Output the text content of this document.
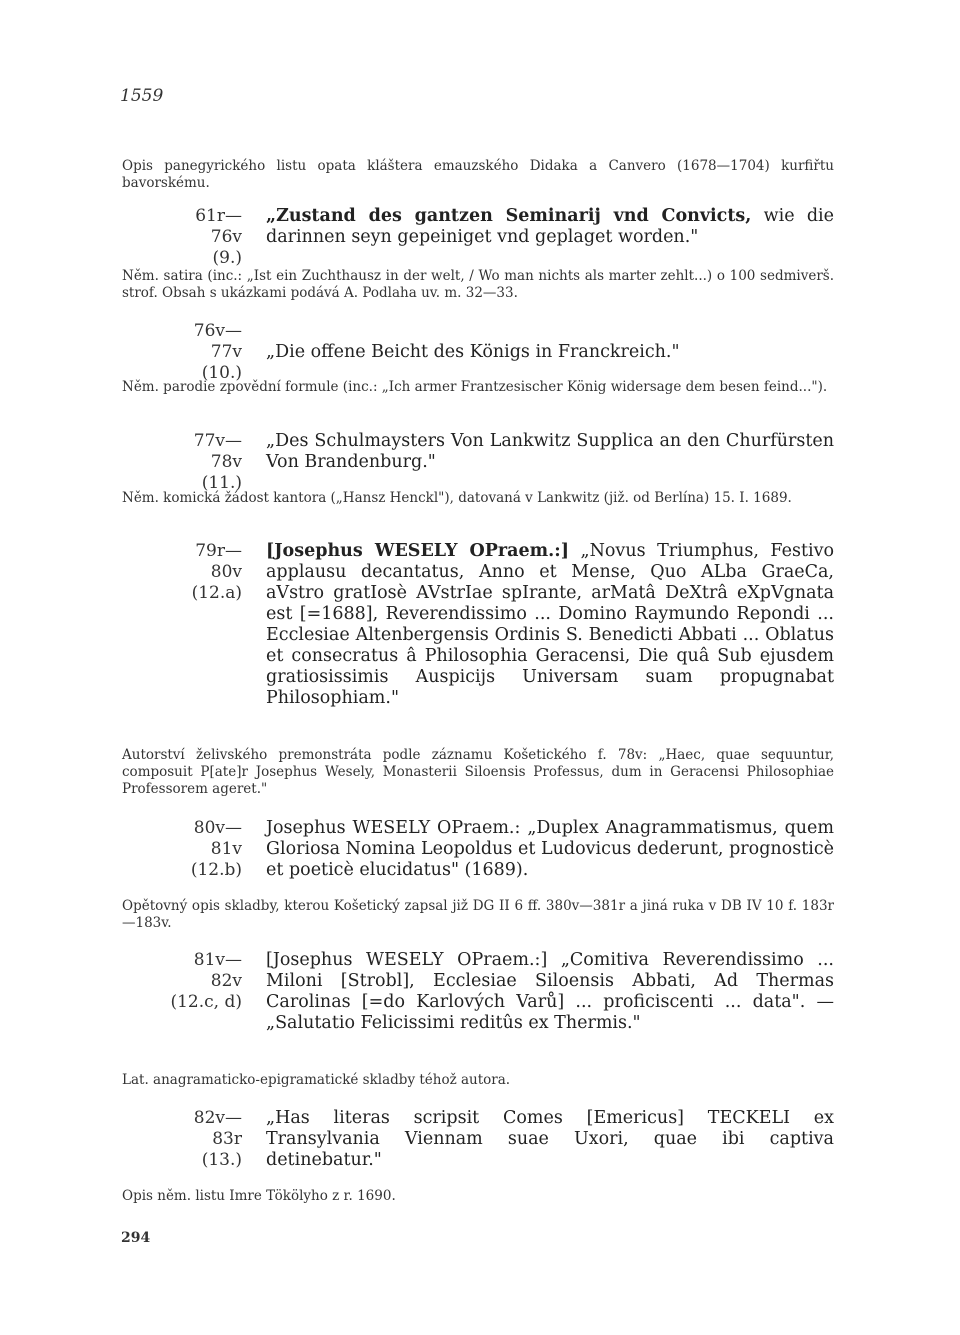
1559
Opis panegyrického listu opata kláštera emauzského Didaka a Canvero (1678—1704) kurfiřtu bavorskému.
61r—76v
(9.)
„Zustand des gantzen Seminarij vnd Convicts, wie die darinnen seyn gepeiniget vnd geplaget worden."
Něm. satira (inc.: „Ist ein Zuchthausz in der welt, / Wo man nichts als marter zehlt...) o 100 sedmiverš. strof. Obsah s ukázkami podává A. Podlaha uv. m. 32—33.
76v—77v
(10.)
„Die offene Beicht des Königs in Franckreich."
Něm. parodie zpovědní formule (inc.: „Ich armer Frantzesischer König widersage dem besen feind...").
77v—78v
(11.)
„Des Schulmaysters Von Lankwitz Supplica an den Churfürsten Von Brandenburg."
Něm. komická žádost kantora („Hansz Henckl"), datovaná v Lankwitz (již. od Berlína) 15. I. 1689.
79r—80v
(12.a)
[Josephus WESELY OPraem.:] „Novus Triumphus, Festivo applausu decantatus, Anno et Mense, Quo ALba GraeCa, aVstro gratIosè AVstrIae spIrante, arMatâ DeXtrâ eXpVgnata est [=1688], Reverendissimo ... Domino Raymundo Repondi ... Ecclesiae Altenbergensis Ordinis S. Benedicti Abbati ... Oblatus et consecratus â Philosophia Geracensi, Die quâ Sub ejusdem gratiosissimis Auspicijs Universam suam propugnabat Philosophiam."
Autorství želivského premonstráta podle záznamu Košetického f. 78v: „Haec, quae sequuntur, composuit P[ate]r Josephus Wesely, Monasterii Siloensis Professus, dum in Geracensi Philosophiae Professorem ageret."
80v—81v
(12.b)
Josephus WESELY OPraem.: „Duplex Anagrammatismus, quem Gloriosa Nomina Leopoldus et Ludovicus dederunt, prognosticè et poeticè elucidatus" (1689).
Opětovný opis skladby, kterou Košetický zapsal již DG II 6 ff. 380v—381r a jiná ruka v DB IV 10 f. 183r—183v.
81v—82v
(12.c, d)
[Josephus WESELY OPraem.:] „Comitiva Reverendissimo ... Miloni [Strobl], Ecclesiae Siloensis Abbati, Ad Thermas Carolinas [=do Karlových Varů] ... proficiscenti ... data". — „Salutatio Felicissimi reditûs ex Thermis."
Lat. anagramaticko-epigramatické skladby téhož autora.
82v—83r
(13.)
„Has literas scripsit Comes [Emericus] TECKELI ex Transylvania Viennam suae Uxori, quae ibi captiva detinebatur."
Opis něm. listu Imre Tökölyho z r. 1690.
294
